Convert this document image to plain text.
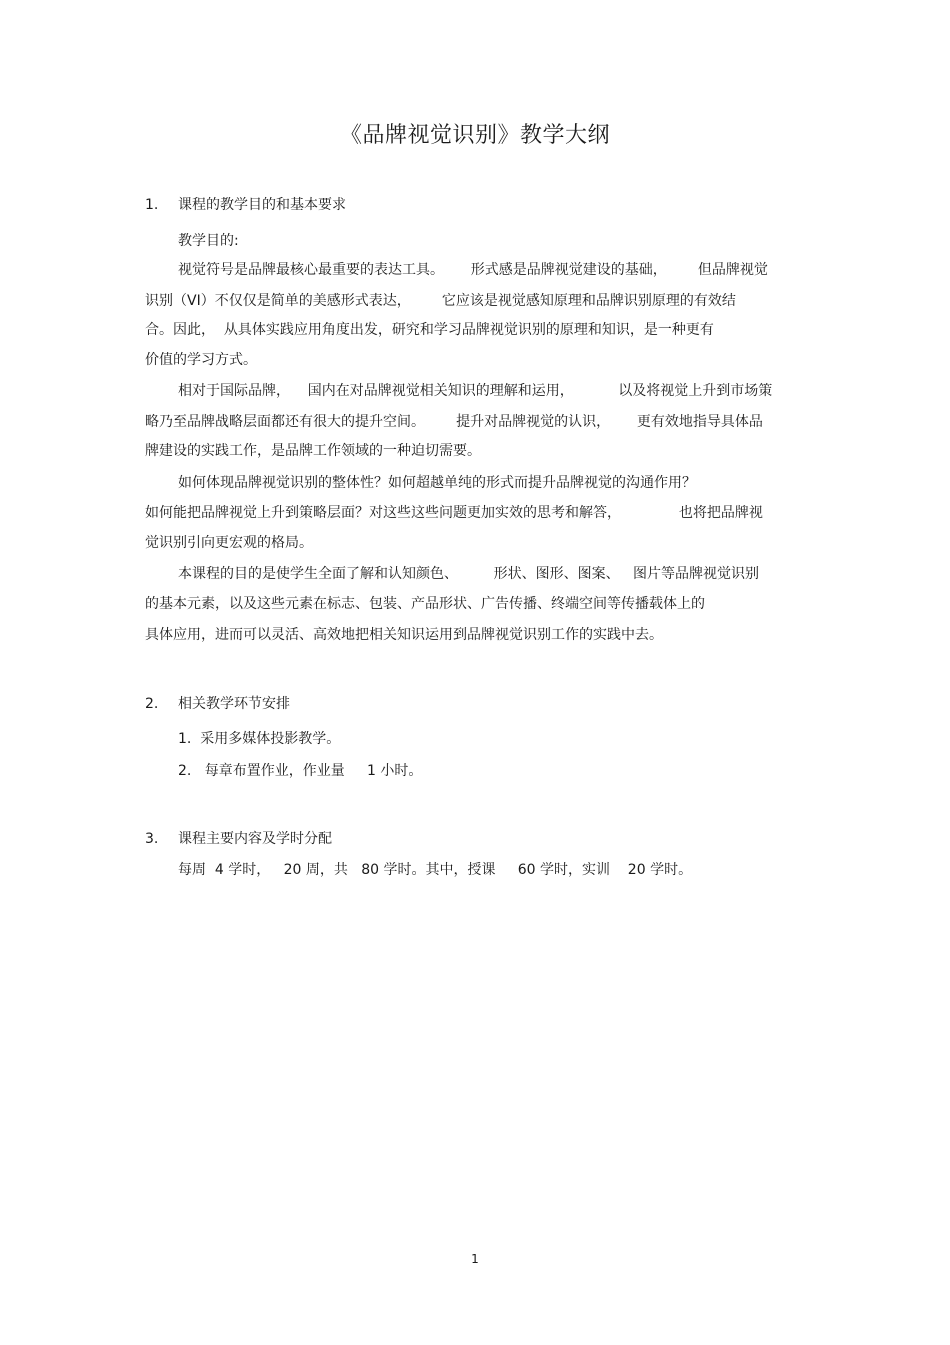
《品牌视觉识别》教学大纲
1. 课程的教学目的和基本要求

教学目的:

视觉符号是品牌最核心最重要的表达工具。      形式感是品牌视觉建设的基础，       但品牌视觉

识别（VI）不仅仅是简单的美感形式表达，       它应该是视觉感知原理和品牌识别原理的有效结

合。因此，  从具体实践应用角度出发，研究和学习品牌视觉识别的原理和知识，是一种更有

价值的学习方式。

相对于国际品牌，    国内在对品牌视觉相关知识的理解和运用，          以及将视觉上升到市场策

略乃至品牌战略层面都还有很大的提升空间。       提升对品牌视觉的认识，      更有效地指导具体品

牌建设的实践工作，是品牌工作领域的一种迫切需要。

如何体现品牌视觉识别的整体性？如何超越单纯的形式而提升品牌视觉的沟通作用？

如何能把品牌视觉上升到策略层面？对这些这些问题更加实效的思考和解答，             也将把品牌视

觉识别引向更宏观的格局。

本课程的目的是使学生全面了解和认知颜色、        形状、图形、图案、   图片等品牌视觉识别

的基本元素，以及这些元素在标志、包装、产品形状、广告传播、终端空间等传播载体上的

具体应用，进而可以灵活、高效地把相关知识运用到品牌视觉识别工作的实践中去。

2. 相关教学环节安排

1.  采用多媒体投影教学。

2.   每章布置作业，作业量     1 小时。

3. 课程主要内容及学时分配

每周  4 学时，   20 周，共   80 学时。其中，授课     60 学时，实训    20 学时。

1
